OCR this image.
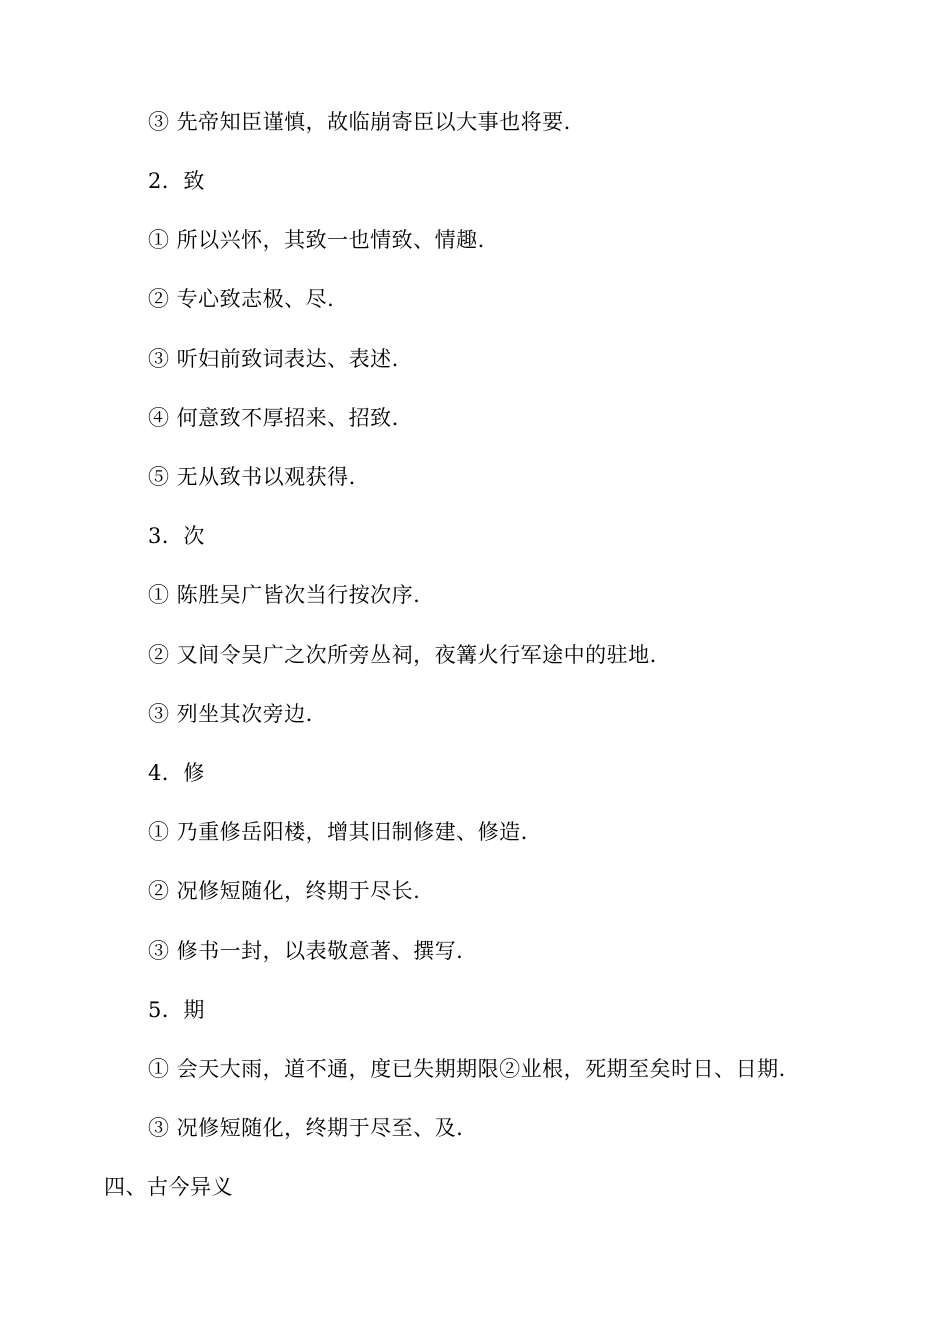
③ 先帝知臣谨慎，故临崩寄臣以大事也将要.
2．致
① 所以兴怀，其致一也情致、情趣.
② 专心致志极、尽.
③ 听妇前致词表达、表述.
④ 何意致不厚招来、招致.
⑤ 无从致书以观获得.
3．次
① 陈胜吴广皆次当行按次序.
② 又间令吴广之次所旁丛祠，夜篝火行军途中的驻地.
③ 列坐其次旁边.
4．修
① 乃重修岳阳楼，增其旧制修建、修造.
② 况修短随化，终期于尽长.
③ 修书一封，以表敬意著、撰写.
5．期
① 会天大雨，道不通，度已失期期限②业根，死期至矣时日、日期.
③ 况修短随化，终期于尽至、及.
四、古今异义
